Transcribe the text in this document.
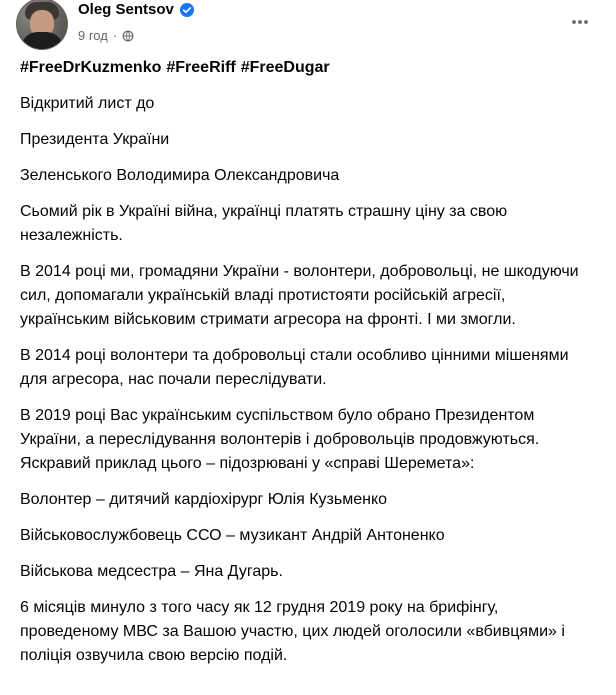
Oleg Sentsov
9 год ·
#FreeDrKuzmenko #FreeRiff #FreeDugar

Відкритий лист до

Президента України

Зеленського Володимира Олександровича

Сьомий рік в Україні війна, українці платять страшну ціну за свою незалежність.

В 2014 році ми, громадяни України - волонтери, добровольці, не шкодуючи сил, допомагали українській владі протистояти російській агресії, українським військовим стримати агресора на фронті. І ми змогли.

В 2014 році волонтери та добровольці стали особливо цінними мішенями для агресора, нас почали переслідувати.

В 2019 році Вас українським суспільством було обрано Президентом України, а переслідування волонтерів і добровольців продовжуються. Яскравий приклад цього – підозрювані у «справі Шеремета»:

Волонтер – дитячий кардіохірург Юлія Кузьменко

Військовослужбовець ССО – музикант Андрій Антоненко

Військова медсестра – Яна Дугарь.

6 місяців минуло з того часу як 12 грудня 2019 року на брифінгу, проведеному МВС за Вашою участю, цих людей оголосили «вбивцями» і поліція озвучила свою версію подій.
